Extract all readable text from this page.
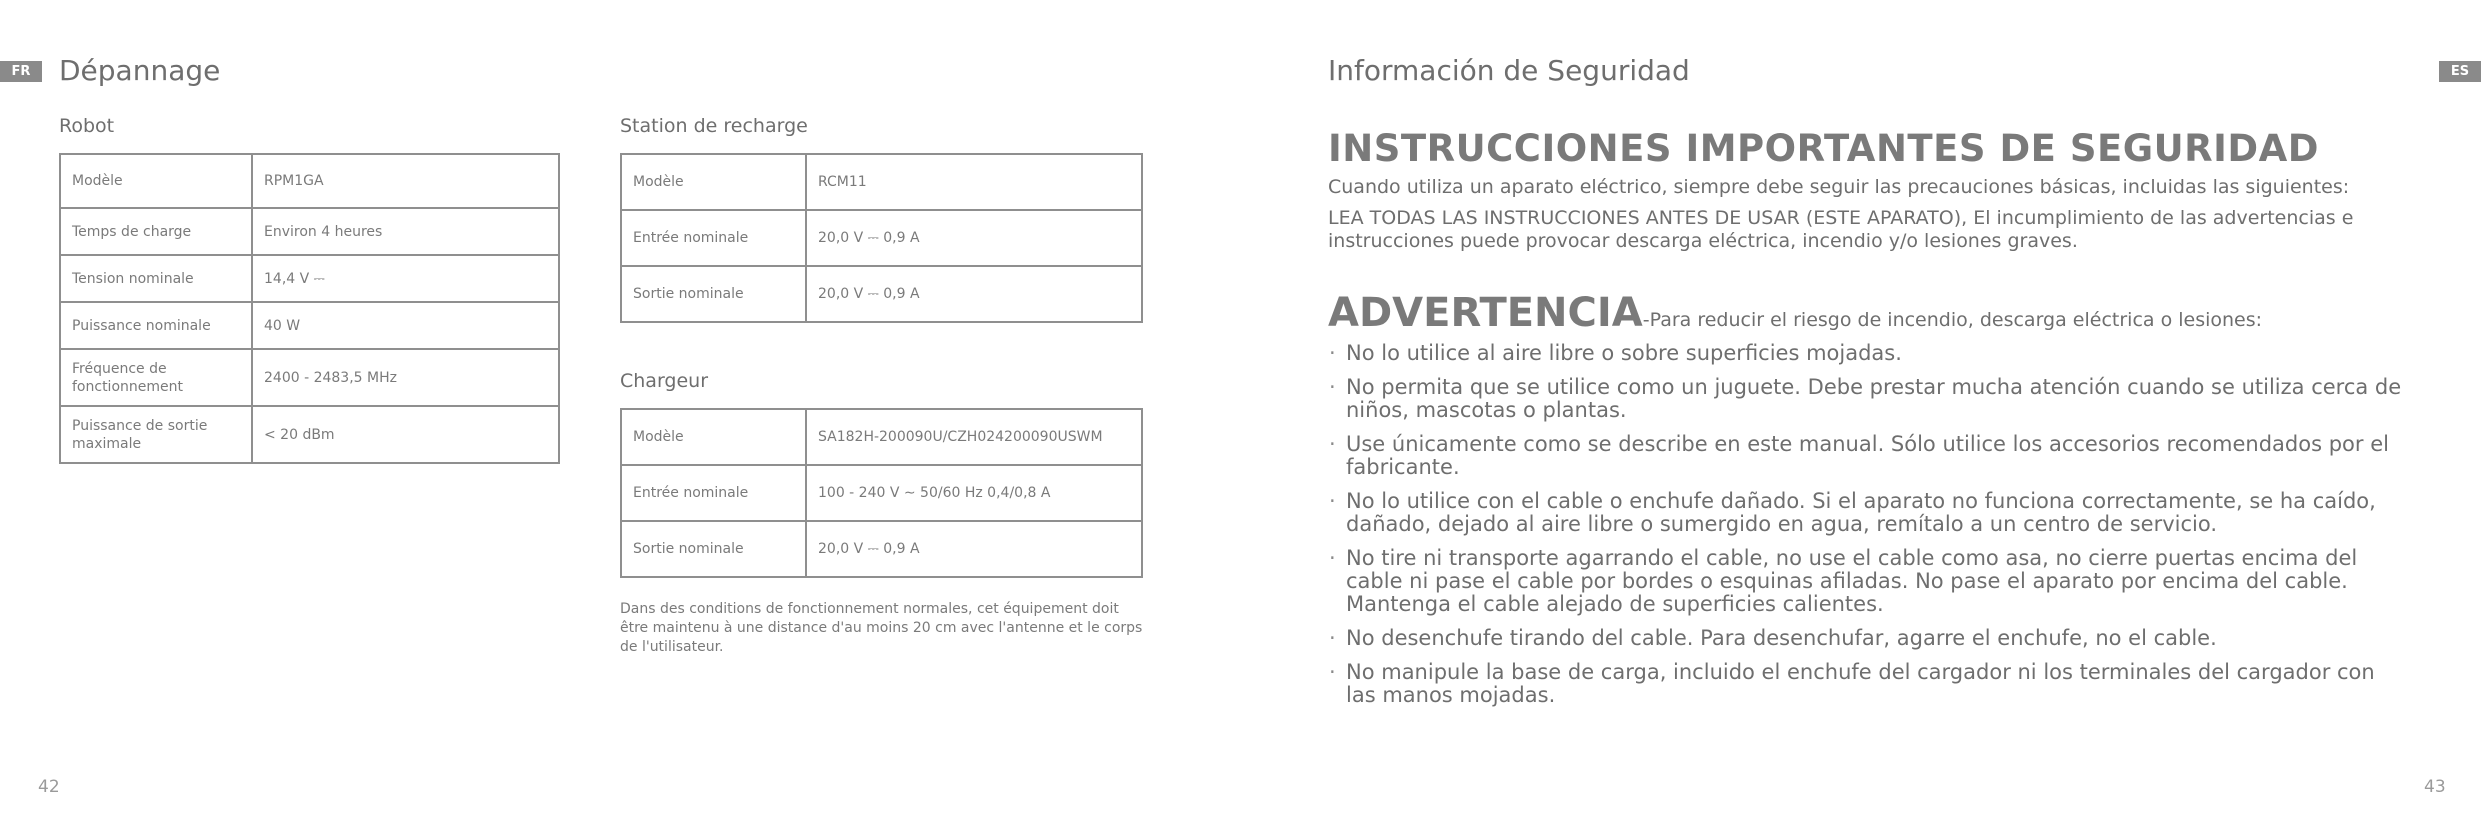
FR	Dépannage
Robot
Modèle	RPM1GA
Temps de charge	Environ 4 heures
Tension nominale	14,4 V ⎓
Puissance nominale	40 W
Fréquence de fonctionnement	2400 - 2483,5 MHz
Puissance de sortie maximale	< 20 dBm
Station de recharge
Modèle	RCM11
Entrée nominale	20,0 V ⎓ 0,9 A
Sortie nominale	20,0 V ⎓ 0,9 A
Chargeur
Modèle	SA182H-200090U/CZH024200090USWM
Entrée nominale	100 - 240 V ∼ 50/60 Hz 0,4/0,8 A
Sortie nominale	20,0 V ⎓ 0,9 A

Dans des conditions de fonctionnement normales, cet équipement doit être maintenu à une distance d'au moins 20 cm avec l'antenne et le corps de l'utilisateur.

42
ES
Información de Seguridad
INSTRUCCIONES IMPORTANTES DE SEGURIDAD

Cuando utiliza un aparato eléctrico, siempre debe seguir las precauciones básicas, incluidas las siguientes:

LEA TODAS LAS INSTRUCCIONES ANTES DE USAR (ESTE APARATO), El incumplimiento de las advertencias e instrucciones puede provocar descarga eléctrica, incendio y/o lesiones graves.

ADVERTENCIA-Para reducir el riesgo de incendio, descarga eléctrica o lesiones:
· No lo utilice al aire libre o sobre superficies mojadas.
· No permita que se utilice como un juguete. Debe prestar mucha atención cuando se utiliza cerca de niños, mascotas o plantas.
· Use únicamente como se describe en este manual. Sólo utilice los accesorios recomendados por el fabricante.
· No lo utilice con el cable o enchufe dañado. Si el aparato no funciona correctamente, se ha caído, dañado, dejado al aire libre o sumergido en agua, remítalo a un centro de servicio.
· No tire ni transporte agarrando el cable, no use el cable como asa, no cierre puertas encima del cable ni pase el cable por bordes o esquinas afiladas. No pase el aparato por encima del cable. Mantenga el cable alejado de superficies calientes.
· No desenchufe tirando del cable. Para desenchufar, agarre el enchufe, no el cable.
· No manipule la base de carga, incluido el enchufe del cargador ni los terminales del cargador con las manos mojadas.
43
